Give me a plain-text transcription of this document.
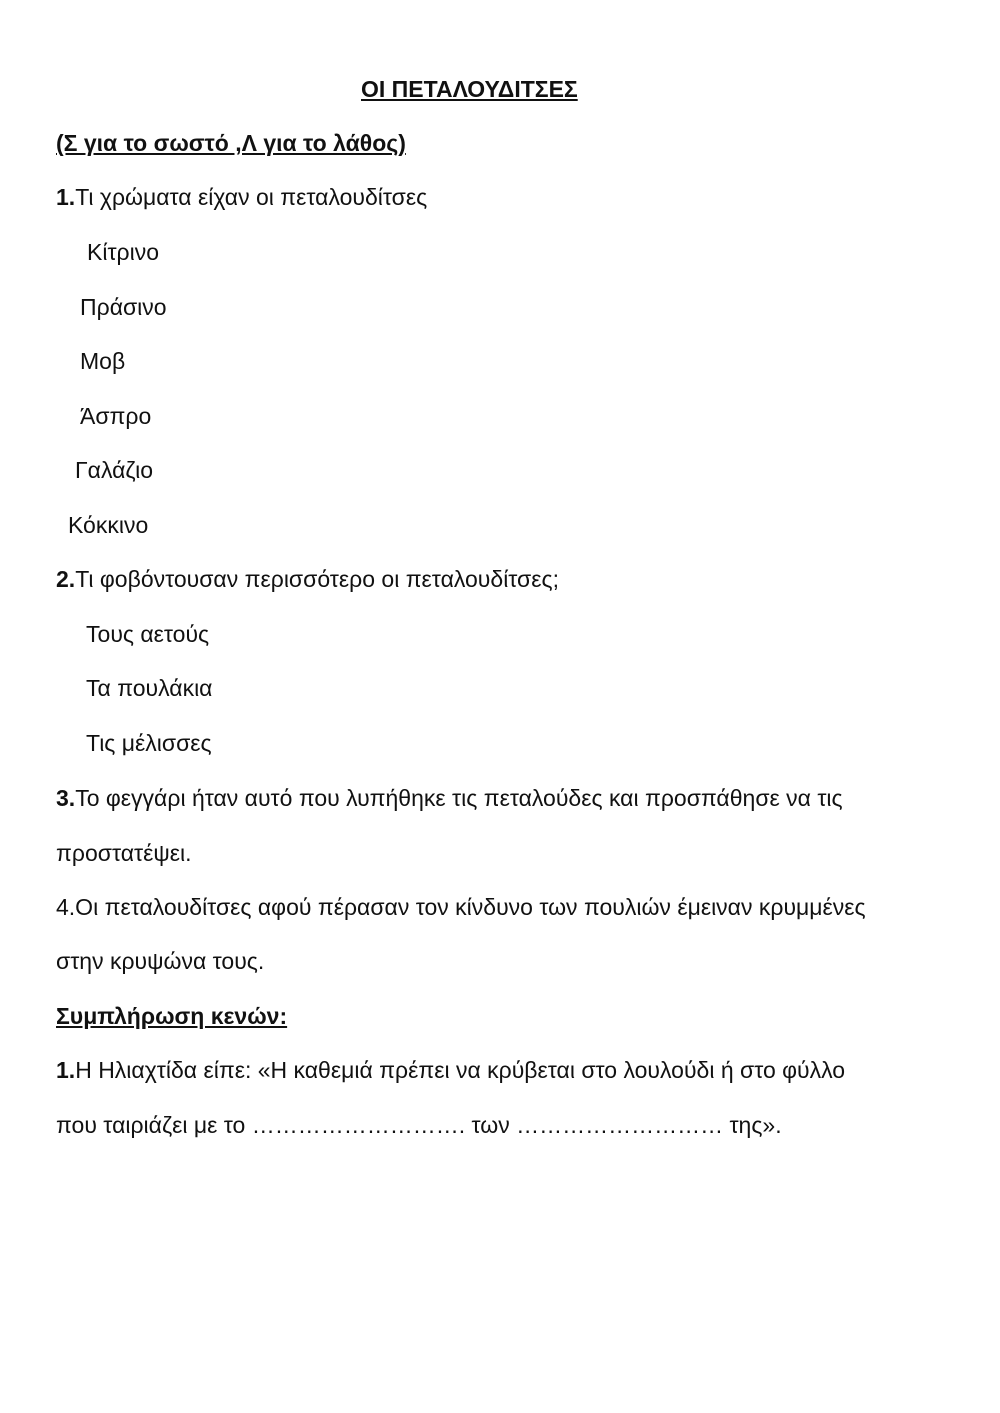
ΟΙ ΠΕΤΑΛΟΥΔΙΤΣΕΣ
(Σ για το σωστό ,Λ για το λάθος)
1.Τι χρώματα είχαν οι πεταλουδίτσες
Κίτρινο
Πράσινο
Μοβ
Άσπρο
Γαλάζιο
Κόκκινο
2.Τι φοβόντουσαν περισσότερο οι πεταλουδίτσες;
Τους αετούς
Τα πουλάκια
Τις μέλισσες
3.Το φεγγάρι ήταν αυτό που λυπήθηκε τις πεταλούδες και προσπάθησε να τις
προστατέψει.
4.Οι πεταλουδίτσες αφού πέρασαν τον κίνδυνο των πουλιών έμειναν κρυμμένες
στην κρυψώνα τους.
Συμπλήρωση κενών:
1.Η Ηλιαχτίδα είπε: «Η καθεμιά πρέπει να κρύβεται στο λουλούδι ή στο φύλλο
που ταιριάζει με το ………………………. των ……………………… της».
